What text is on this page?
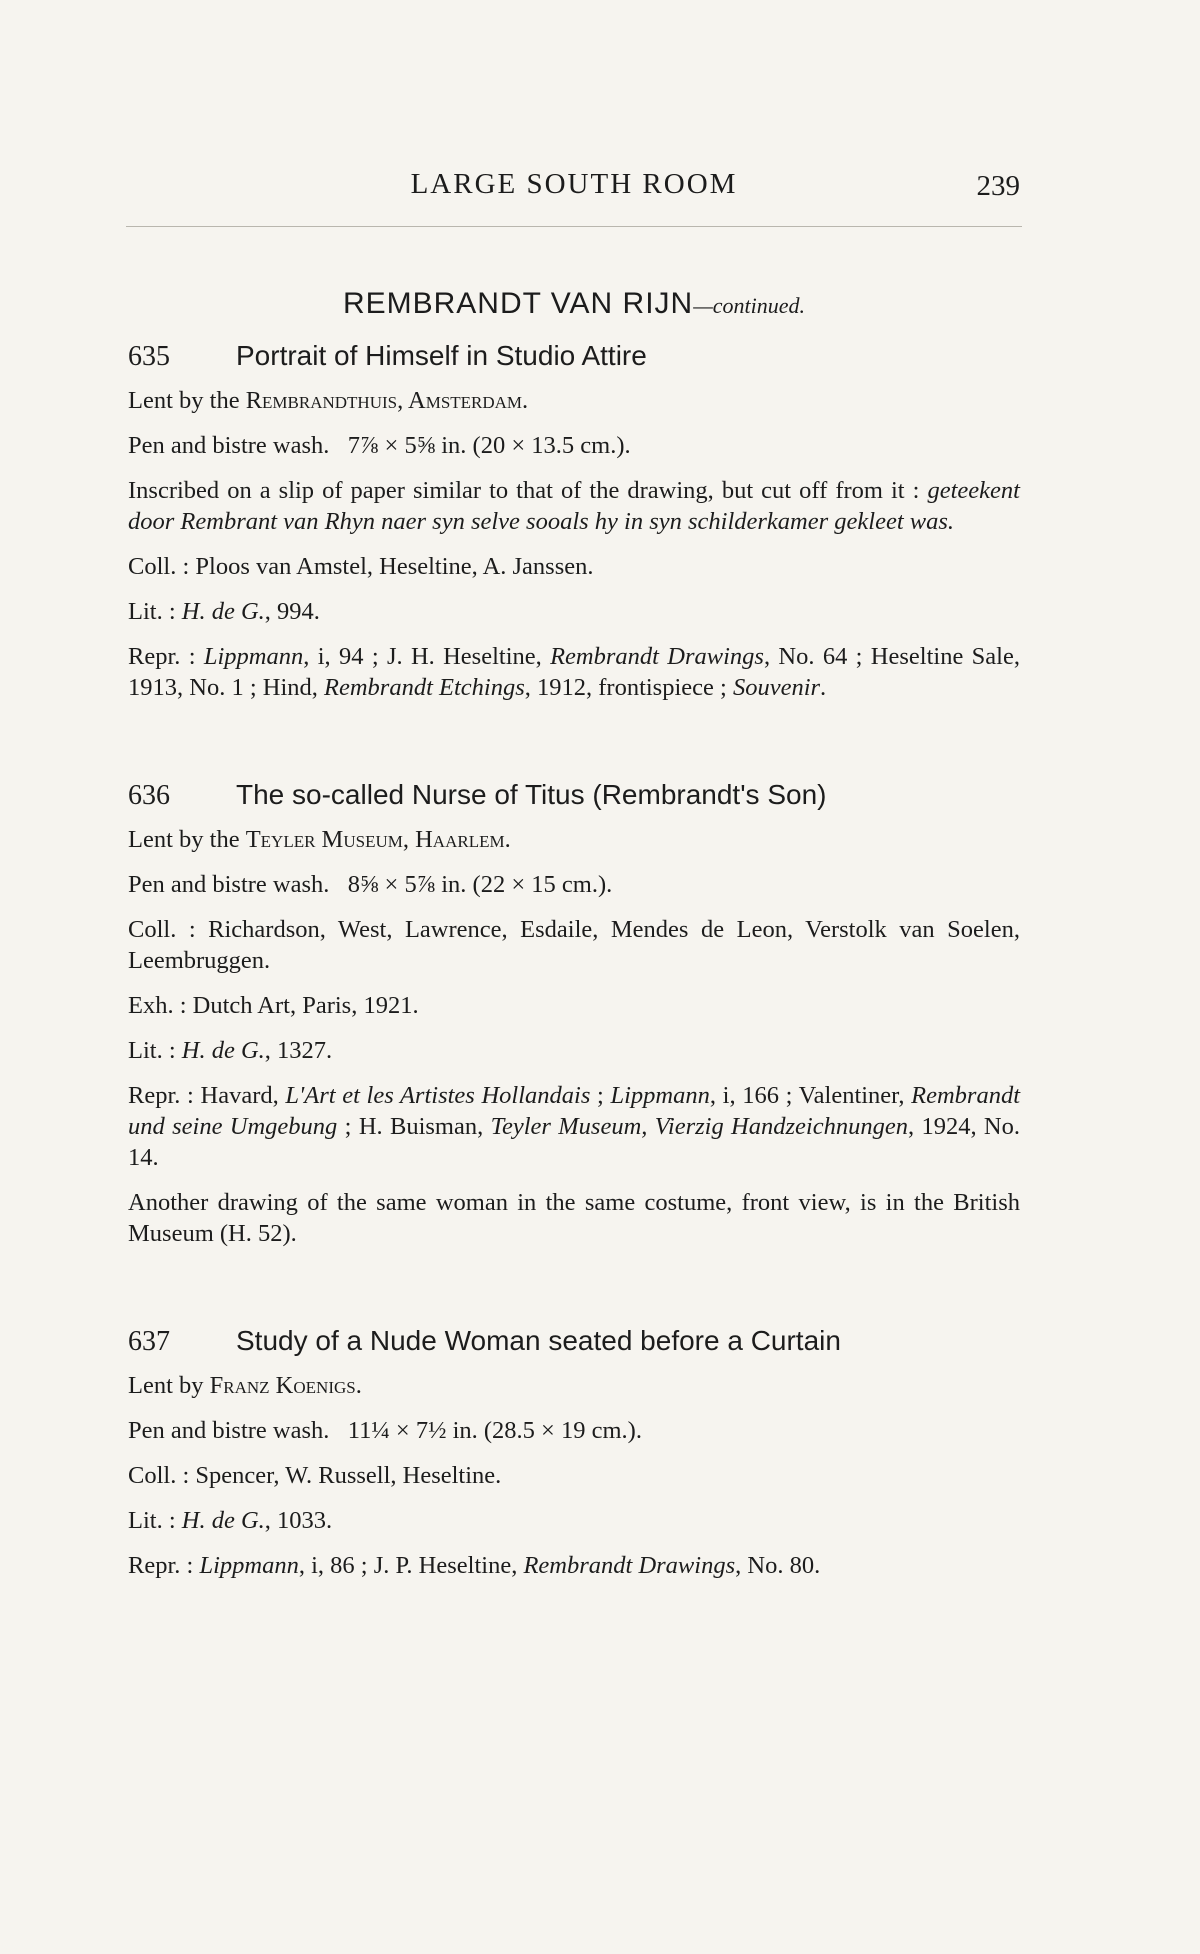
LARGE SOUTH ROOM	239
REMBRANDT VAN RIJN—continued.
635	Portrait of Himself in Studio Attire
Lent by the Rembrandthuis, Amsterdam.
Pen and bistre wash. 7⅞ × 5⅝ in. (20 × 13.5 cm.).
Inscribed on a slip of paper similar to that of the drawing, but cut off from it : geteekent door Rembrant van Rhyn naer syn selve sooals hy in syn schilderkamer gekleet was.
Coll. : Ploos van Amstel, Heseltine, A. Janssen.
Lit. : H. de G., 994.
Repr. : Lippmann, i, 94 ; J. H. Heseltine, Rembrandt Drawings, No. 64 ; Heseltine Sale, 1913, No. 1 ; Hind, Rembrandt Etchings, 1912, frontispiece ; Souvenir.
636	The so-called Nurse of Titus (Rembrandt's Son)
Lent by the Teyler Museum, Haarlem.
Pen and bistre wash. 8⅝ × 5⅞ in. (22 × 15 cm.).
Coll. : Richardson, West, Lawrence, Esdaile, Mendes de Leon, Verstolk van Soelen, Leembruggen.
Exh. : Dutch Art, Paris, 1921.
Lit. : H. de G., 1327.
Repr. : Havard, L'Art et les Artistes Hollandais ; Lippmann, i, 166 ; Valentiner, Rembrandt und seine Umgebung ; H. Buisman, Teyler Museum, Vierzig Handzeichnungen, 1924, No. 14.
Another drawing of the same woman in the same costume, front view, is in the British Museum (H. 52).
637	Study of a Nude Woman seated before a Curtain
Lent by Franz Koenigs.
Pen and bistre wash. 11¼ × 7½ in. (28.5 × 19 cm.).
Coll. : Spencer, W. Russell, Heseltine.
Lit. : H. de G., 1033.
Repr. : Lippmann, i, 86 ; J. P. Heseltine, Rembrandt Drawings, No. 80.
